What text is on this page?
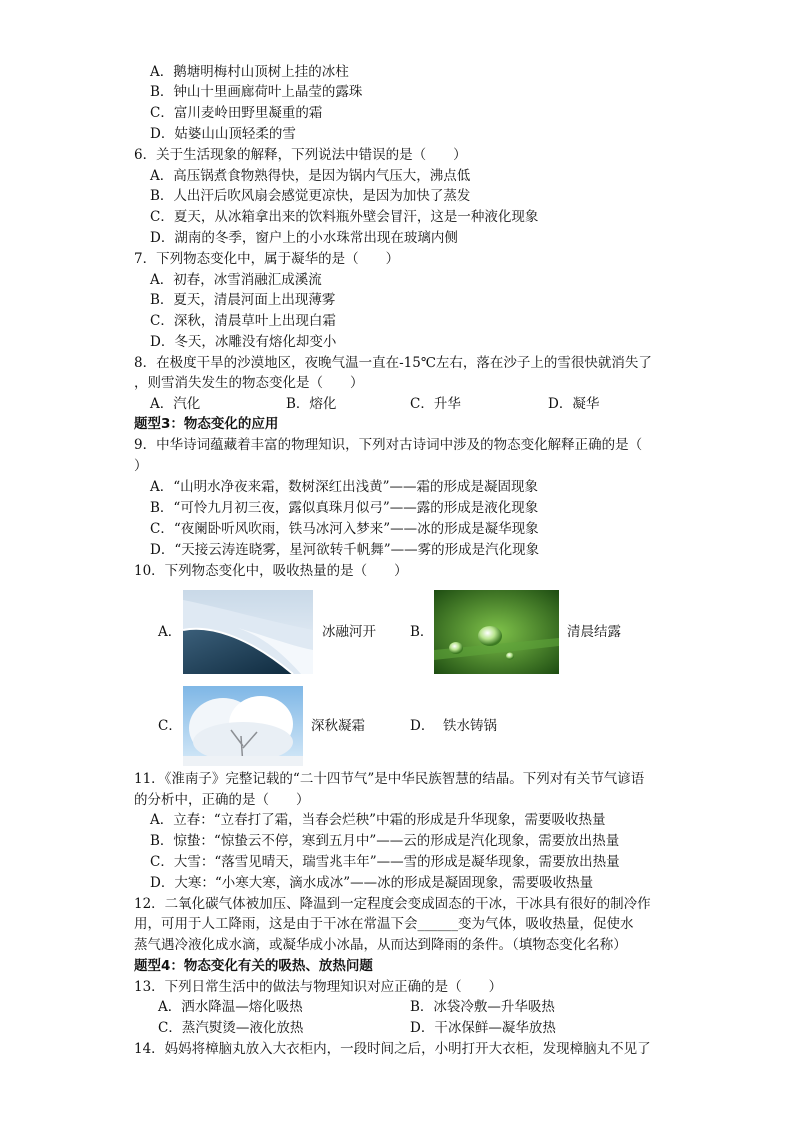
A．鹅塘明梅村山顶树上挂的冰柱
B．钟山十里画廊荷叶上晶莹的露珠
C．富川麦岭田野里凝重的霜
D．姑婆山山顶轻柔的雪
6．关于生活现象的解释，下列说法中错误的是（　　）
A．高压锅煮食物熟得快，是因为锅内气压大，沸点低
B．人出汗后吹风扇会感觉更凉快，是因为加快了蒸发
C．夏天，从冰箱拿出来的饮料瓶外壁会冒汗，这是一种液化现象
D．湖南的冬季，窗户上的小水珠常出现在玻璃内侧
7．下列物态变化中，属于凝华的是（　　）
A．初春，冰雪消融汇成溪流
B．夏天，清晨河面上出现薄雾
C．深秋，清晨草叶上出现白霜
D．冬天，冰雕没有熔化却变小
8．在极度干旱的沙漠地区，夜晚气温一直在-15℃左右，落在沙子上的雪很快就消失了
，则雪消失发生的物态变化是（　　）
A．汽化	B．熔化	C．升华	D．凝华
题型3：物态变化的应用
9．中华诗词蕴藏着丰富的物理知识，下列对古诗词中涉及的物态变化解释正确的是（
）
A．“山明水净夜来霜，数树深红出浅黄”——霜的形成是凝固现象
B．“可怜九月初三夜，露似真珠月似弓”——露的形成是液化现象
C．“夜阑卧听风吹雨，铁马冰河入梦来”——冰的形成是凝华现象
D．“天接云涛连晓雾，星河欲转千帆舞”——雾的形成是汽化现象
10．下列物态变化中，吸收热量的是（　　）
A．	冰融河开	B．	清晨结露
C．	深秋凝霜	D． 铁水铸锅
11．《淮南子》完整记载的“二十四节气”是中华民族智慧的结晶。下列对有关节气谚语
的分析中，正确的是（　　）
A．立春：“立春打了霜，当春会烂秧”中霜的形成是升华现象，需要吸收热量
B．惊蛰：“惊蛰云不停，寒到五月中”——云的形成是汽化现象，需要放出热量
C．大雪：“落雪见晴天，瑞雪兆丰年”——雪的形成是凝华现象，需要放出热量
D．大寒：“小寒大寒，滴水成冰”——冰的形成是凝固现象，需要吸收热量
12．二氧化碳气体被加压、降温到一定程度会变成固态的干冰，干冰具有很好的制冷作
用，可用于人工降雨，这是由于干冰在常温下会______变为气体，吸收热量，促使水
蒸气遇冷液化成水滴，或凝华成小冰晶，从而达到降雨的条件。（填物态变化名称）
题型4：物态变化有关的吸热、放热问题
13．下列日常生活中的做法与物理知识对应正确的是（　　）
A．洒水降温—熔化吸热	B．冰袋冷敷—升华吸热
C．蒸汽熨烫—液化放热	D．干冰保鲜—凝华放热
14．妈妈将樟脑丸放入大衣柜内，一段时间之后，小明打开大衣柜，发现樟脑丸不见了
